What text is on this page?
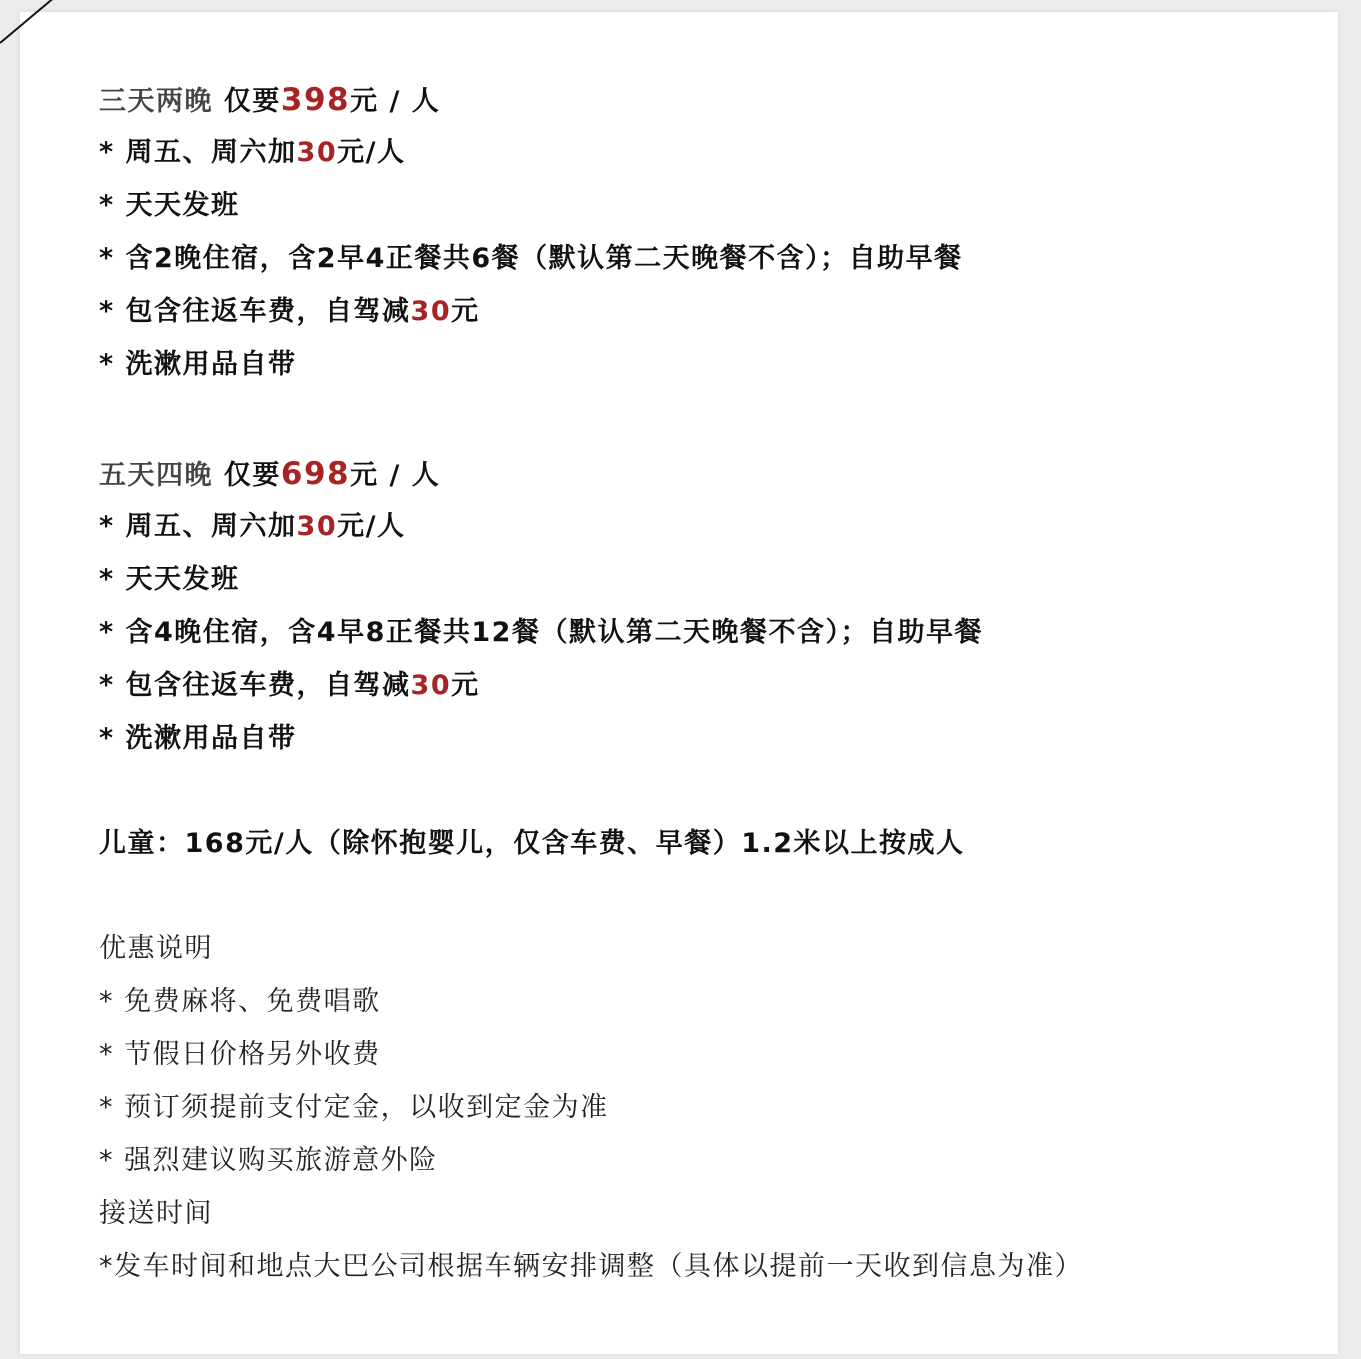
三天两晚 仅要398元 / 人
* 周五、周六加30元/人
* 天天发班
* 含2晚住宿，含2早4正餐共6餐（默认第二天晚餐不含）；自助早餐
* 包含往返车费，自驾减30元
* 洗漱用品自带
五天四晚 仅要698元 / 人
* 周五、周六加30元/人
* 天天发班
* 含4晚住宿，含4早8正餐共12餐（默认第二天晚餐不含）；自助早餐
* 包含往返车费，自驾减30元
* 洗漱用品自带
儿童：168元/人（除怀抱婴儿，仅含车费、早餐）1.2米以上按成人
优惠说明
* 免费麻将、免费唱歌
* 节假日价格另外收费
* 预订须提前支付定金，以收到定金为准
* 强烈建议购买旅游意外险
接送时间
*发车时间和地点大巴公司根据车辆安排调整（具体以提前一天收到信息为准）
